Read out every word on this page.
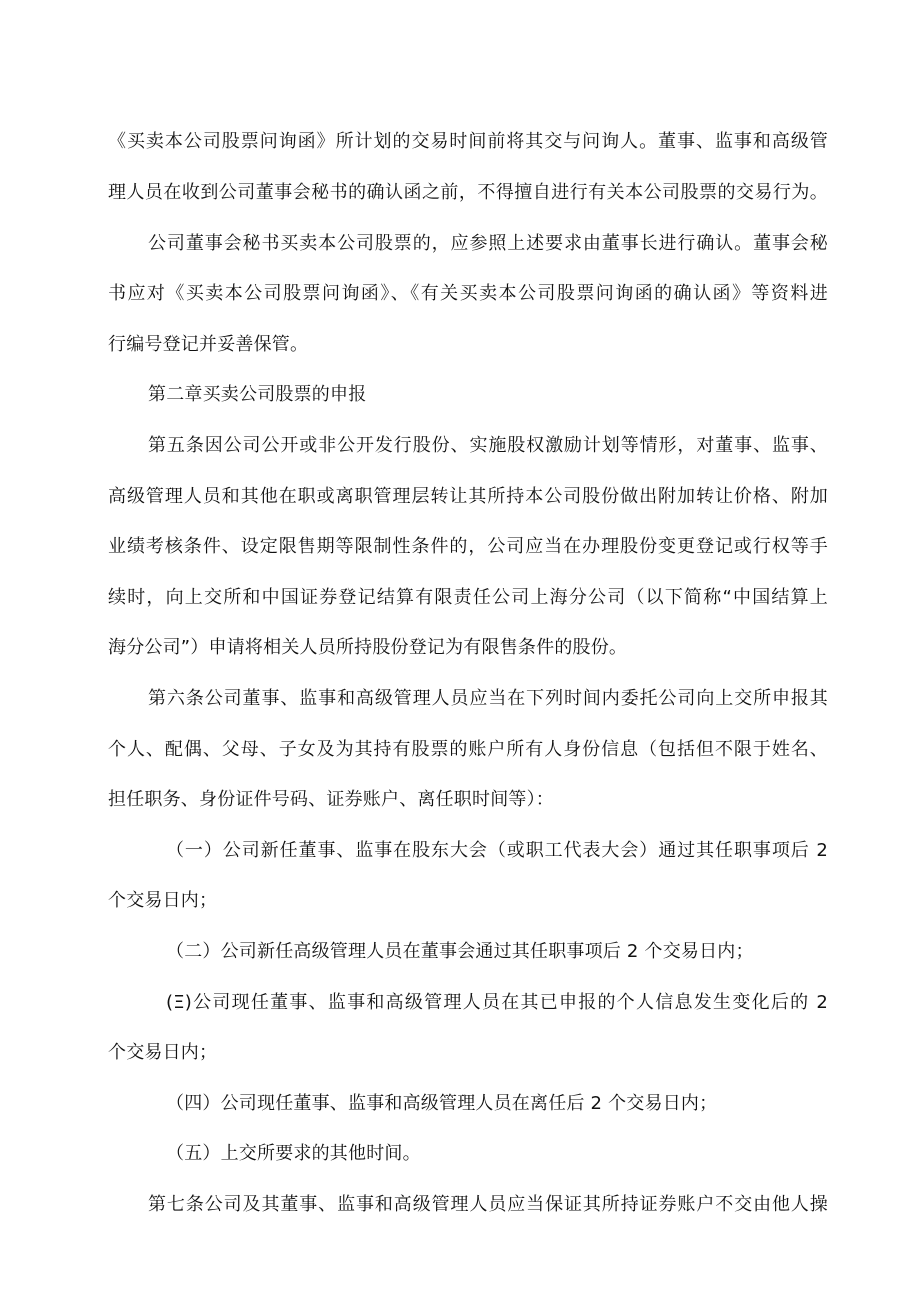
《买卖本公司股票问询函》所计划的交易时间前将其交与问询人。董事、监事和高级管
理人员在收到公司董事会秘书的确认函之前，不得擅自进行有关本公司股票的交易行为。
公司董事会秘书买卖本公司股票的，应参照上述要求由董事长进行确认。董事会秘
书应对《买卖本公司股票问询函》、《有关买卖本公司股票问询函的确认函》等资料进
行编号登记并妥善保管。
第二章买卖公司股票的申报
第五条因公司公开或非公开发行股份、实施股权激励计划等情形，对董事、监事、
高级管理人员和其他在职或离职管理层转让其所持本公司股份做出附加转让价格、附加
业绩考核条件、设定限售期等限制性条件的，公司应当在办理股份变更登记或行权等手
续时，向上交所和中国证券登记结算有限责任公司上海分公司（以下简称“中国结算上
海分公司”）申请将相关人员所持股份登记为有限售条件的股份。
第六条公司董事、监事和高级管理人员应当在下列时间内委托公司向上交所申报其
个人、配偶、父母、子女及为其持有股票的账户所有人身份信息（包括但不限于姓名、
担任职务、身份证件号码、证券账户、离任职时间等）：
（一）公司新任董事、监事在股东大会（或职工代表大会）通过其任职事项后 2
个交易日内；
（二）公司新任高级管理人员在董事会通过其任职事项后 2 个交易日内；
(Ξ)公司现任董事、监事和高级管理人员在其已申报的个人信息发生变化后的 2
个交易日内；
（四）公司现任董事、监事和高级管理人员在离任后 2 个交易日内；
（五）上交所要求的其他时间。
第七条公司及其董事、监事和高级管理人员应当保证其所持证券账户不交由他人操
